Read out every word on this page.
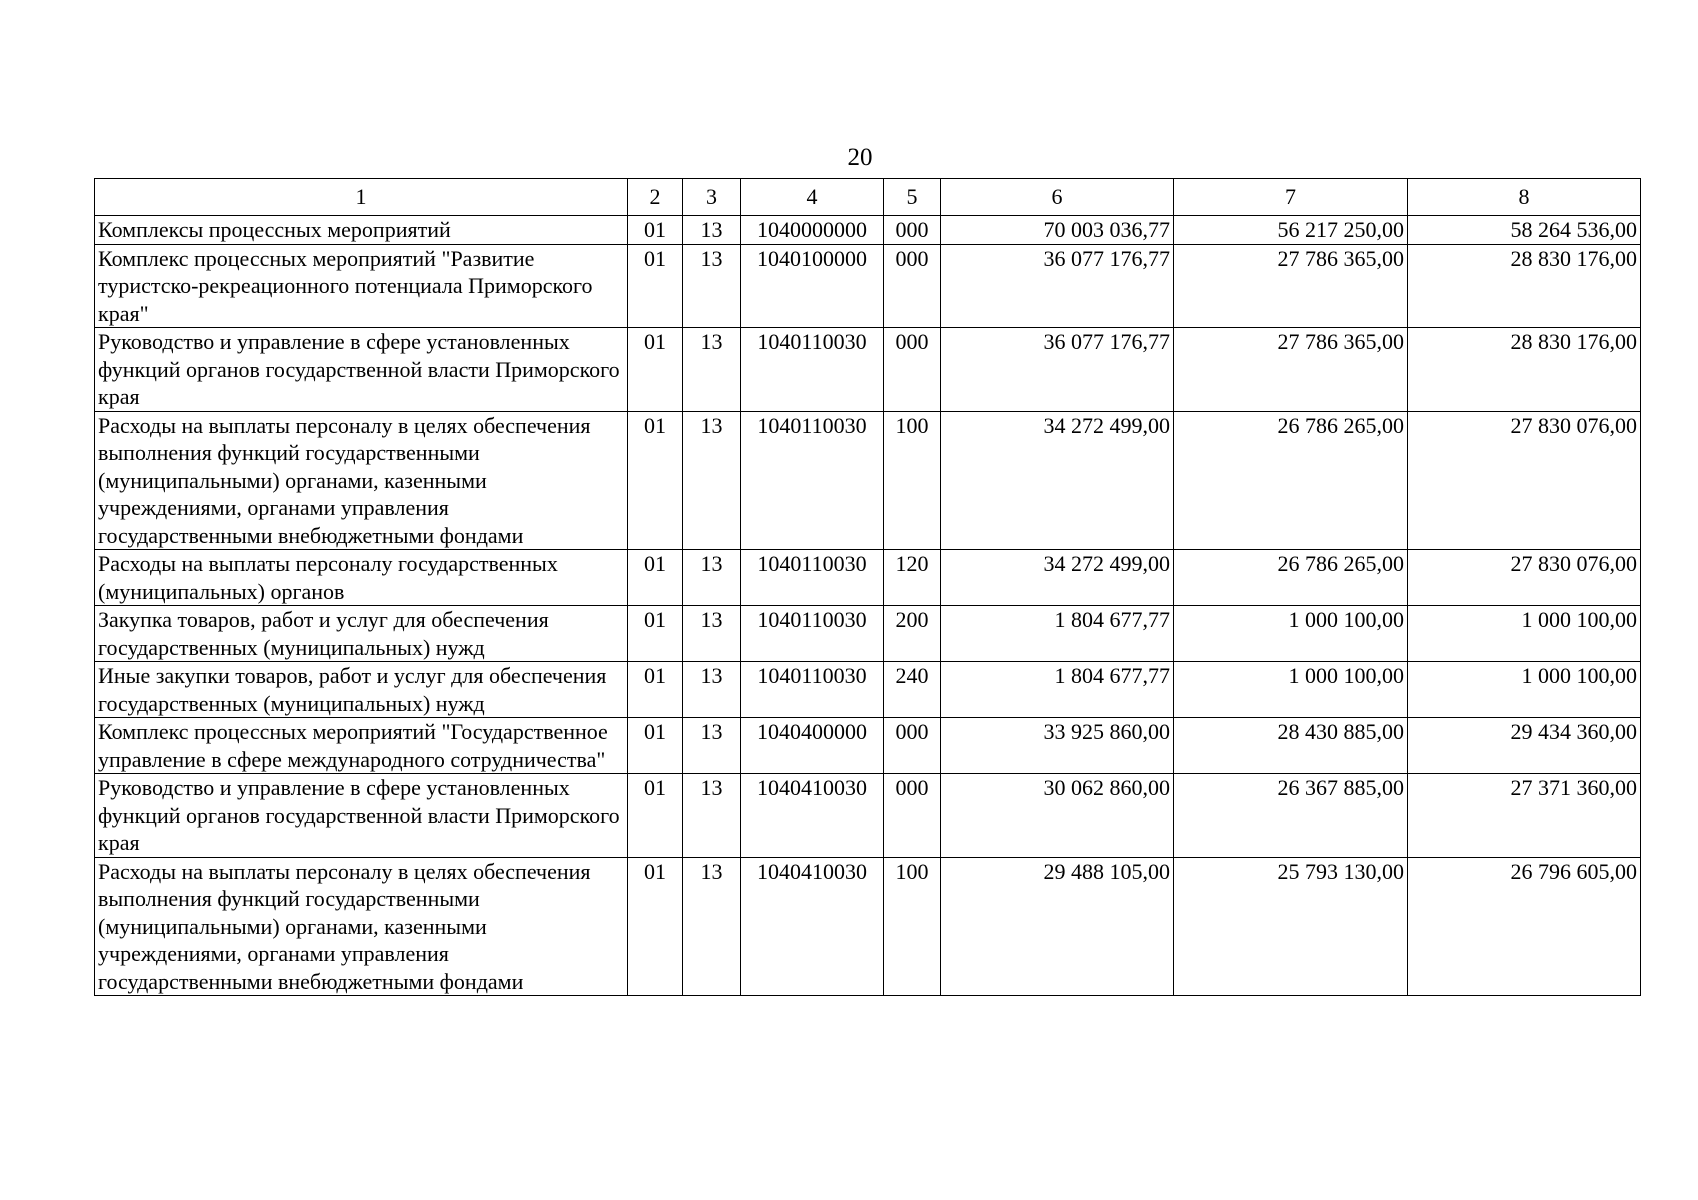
20
1	2	3	4	5	6	7	8
Комплексы процессных мероприятий	01	13	1040000000	000	70 003 036,77	56 217 250,00	58 264 536,00
Комплекс процессных мероприятий "Развитие туристско-рекреационного потенциала Приморского края"	01	13	1040100000	000	36 077 176,77	27 786 365,00	28 830 176,00
Руководство и управление в сфере установленных функций органов государственной власти Приморского края	01	13	1040110030	000	36 077 176,77	27 786 365,00	28 830 176,00
Расходы на выплаты персоналу в целях обеспечения выполнения функций государственными (муниципальными) органами, казенными учреждениями, органами управления государственными внебюджетными фондами	01	13	1040110030	100	34 272 499,00	26 786 265,00	27 830 076,00
Расходы на выплаты персоналу государственных (муниципальных) органов	01	13	1040110030	120	34 272 499,00	26 786 265,00	27 830 076,00
Закупка товаров, работ и услуг для обеспечения государственных (муниципальных) нужд	01	13	1040110030	200	1 804 677,77	1 000 100,00	1 000 100,00
Иные закупки товаров, работ и услуг для обеспечения государственных (муниципальных) нужд	01	13	1040110030	240	1 804 677,77	1 000 100,00	1 000 100,00
Комплекс процессных мероприятий "Государственное управление в сфере международного сотрудничества"	01	13	1040400000	000	33 925 860,00	28 430 885,00	29 434 360,00
Руководство и управление в сфере установленных функций органов государственной власти Приморского края	01	13	1040410030	000	30 062 860,00	26 367 885,00	27 371 360,00
Расходы на выплаты персоналу в целях обеспечения выполнения функций государственными (муниципальными) органами, казенными учреждениями, органами управления государственными внебюджетными фондами	01	13	1040410030	100	29 488 105,00	25 793 130,00	26 796 605,00
